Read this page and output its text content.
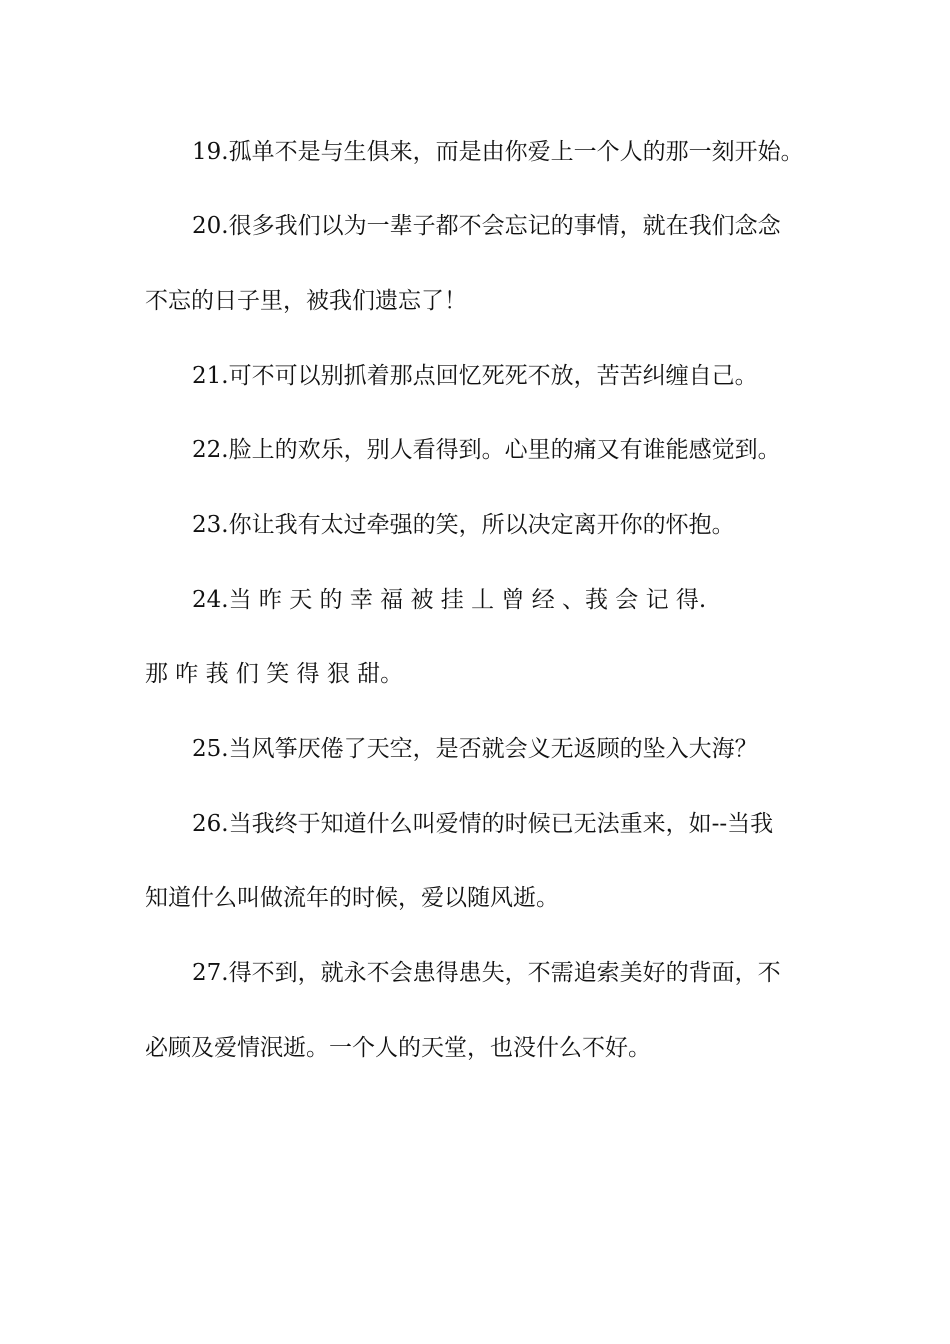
19.孤单不是与生俱来，而是由你爱上一个人的那一刻开始。
20.很多我们以为一辈子都不会忘记的事情，就在我们念念
不忘的日子里，被我们遗忘了！
21.可不可以别抓着那点回忆死死不放，苦苦纠缠自己。
22.脸上的欢乐，别人看得到。心里的痛又有谁能感觉到。
23.你让我有太过牵强的笑，所以决定离开你的怀抱。
24.当 昨 天 的 幸 福 被 挂 丄 曾 经 、莪 会 记 得.
那 咋 莪 们 笑 得 狠 甜。
25.当风筝厌倦了天空，是否就会义无返顾的坠入大海？
26.当我终于知道什么叫爱情的时候已无法重来，如--当我
知道什么叫做流年的时候，爱以随风逝。
27.得不到，就永不会患得患失，不需追索美好的背面，不
必顾及爱情泯逝。一个人的天堂，也没什么不好。
